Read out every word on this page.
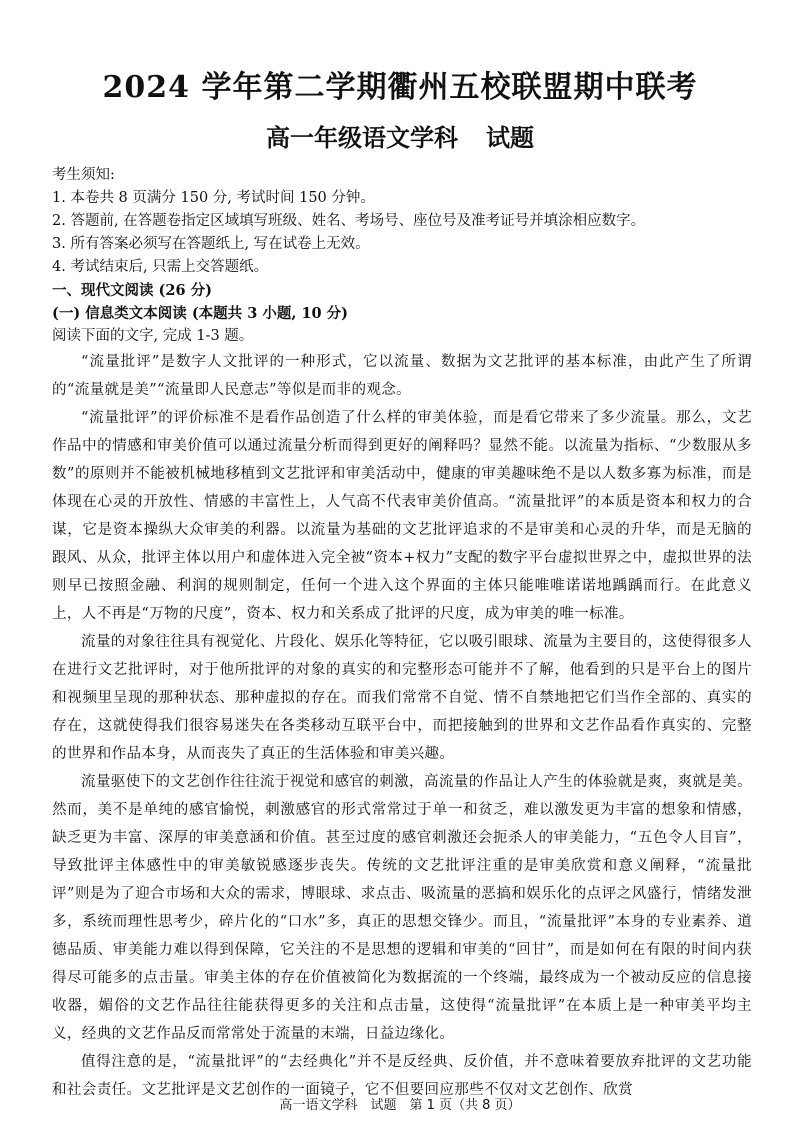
2024 学年第二学期衢州五校联盟期中联考
高一年级语文学科 试题
考生须知:
1. 本卷共 8 页满分 150 分, 考试时间 150 分钟。
2. 答题前, 在答题卷指定区域填写班级、姓名、考场号、座位号及准考证号并填涂相应数字。
3. 所有答案必须写在答题纸上, 写在试卷上无效。
4. 考试结束后, 只需上交答题纸。
一、现代文阅读 (26 分)
(一) 信息类文本阅读 (本题共 3 小题, 10 分)
阅读下面的文字, 完成 1-3 题。

“流量批评”是数字人文批评的一种形式，它以流量、数据为文艺批评的基本标准，由此产生了所谓的“流量就是美”“流量即人民意志”等似是而非的观念。

“流量批评”的评价标准不是看作品创造了什么样的审美体验，而是看它带来了多少流量。那么，文艺作品中的情感和审美价值可以通过流量分析而得到更好的阐释吗？显然不能。以流量为指标、“少数服从多数”的原则并不能被机械地移植到文艺批评和审美活动中，健康的审美趣味绝不是以人数多寡为标准，而是体现在心灵的开放性、情感的丰富性上，人气高不代表审美价值高。“流量批评”的本质是资本和权力的合谋，它是资本操纵大众审美的利器。以流量为基础的文艺批评追求的不是审美和心灵的升华，而是无脑的跟风、从众，批评主体以用户和虚体进入完全被“资本+权力”支配的数字平台虚拟世界之中，虚拟世界的法则早已按照金融、利润的规则制定，任何一个进入这个界面的主体只能唯唯诺诺地踽踽而行。在此意义上，人不再是“万物的尺度”，资本、权力和关系成了批评的尺度，成为审美的唯一标准。

流量的对象往往具有视觉化、片段化、娱乐化等特征，它以吸引眼球、流量为主要目的，这使得很多人在进行文艺批评时，对于他所批评的对象的真实的和完整形态可能并不了解，他看到的只是平台上的图片和视频里呈现的那种状态、那种虚拟的存在。而我们常常不自觉、情不自禁地把它们当作全部的、真实的存在，这就使得我们很容易迷失在各类移动互联平台中，而把接触到的世界和文艺作品看作真实的、完整的世界和作品本身，从而丧失了真正的生活体验和审美兴趣。

流量驱使下的文艺创作往往流于视觉和感官的刺激，高流量的作品让人产生的体验就是爽，爽就是美。然而，美不是单纯的感官愉悦，刺激感官的形式常常过于单一和贫乏，难以激发更为丰富的想象和情感，缺乏更为丰富、深厚的审美意涵和价值。甚至过度的感官刺激还会扼杀人的审美能力，“五色令人目盲”，导致批评主体感性中的审美敏锐感逐步丧失。传统的文艺批评注重的是审美欣赏和意义阐释，“流量批评”则是为了迎合市场和大众的需求，博眼球、求点击、吸流量的恶搞和娱乐化的点评之风盛行，情绪发泄多，系统而理性思考少，碎片化的“口水”多，真正的思想交锋少。而且，“流量批评”本身的专业素养、道德品质、审美能力难以得到保障，它关注的不是思想的逻辑和审美的“回甘”，而是如何在有限的时间内获得尽可能多的点击量。审美主体的存在价值被简化为数据流的一个终端，最终成为一个被动反应的信息接收器，媚俗的文艺作品往往能获得更多的关注和点击量，这使得“流量批评”在本质上是一种审美平均主义，经典的文艺作品反而常常处于流量的末端，日益边缘化。

值得注意的是，“流量批评”的“去经典化”并不是反经典、反价值，并不意味着要放弃批评的文艺功能和社会责任。文艺批评是文艺创作的一面镜子，它不但要回应那些不仅对文艺创作、欣赏

高一语文学科　试题　第 1 页（共 8 页）
